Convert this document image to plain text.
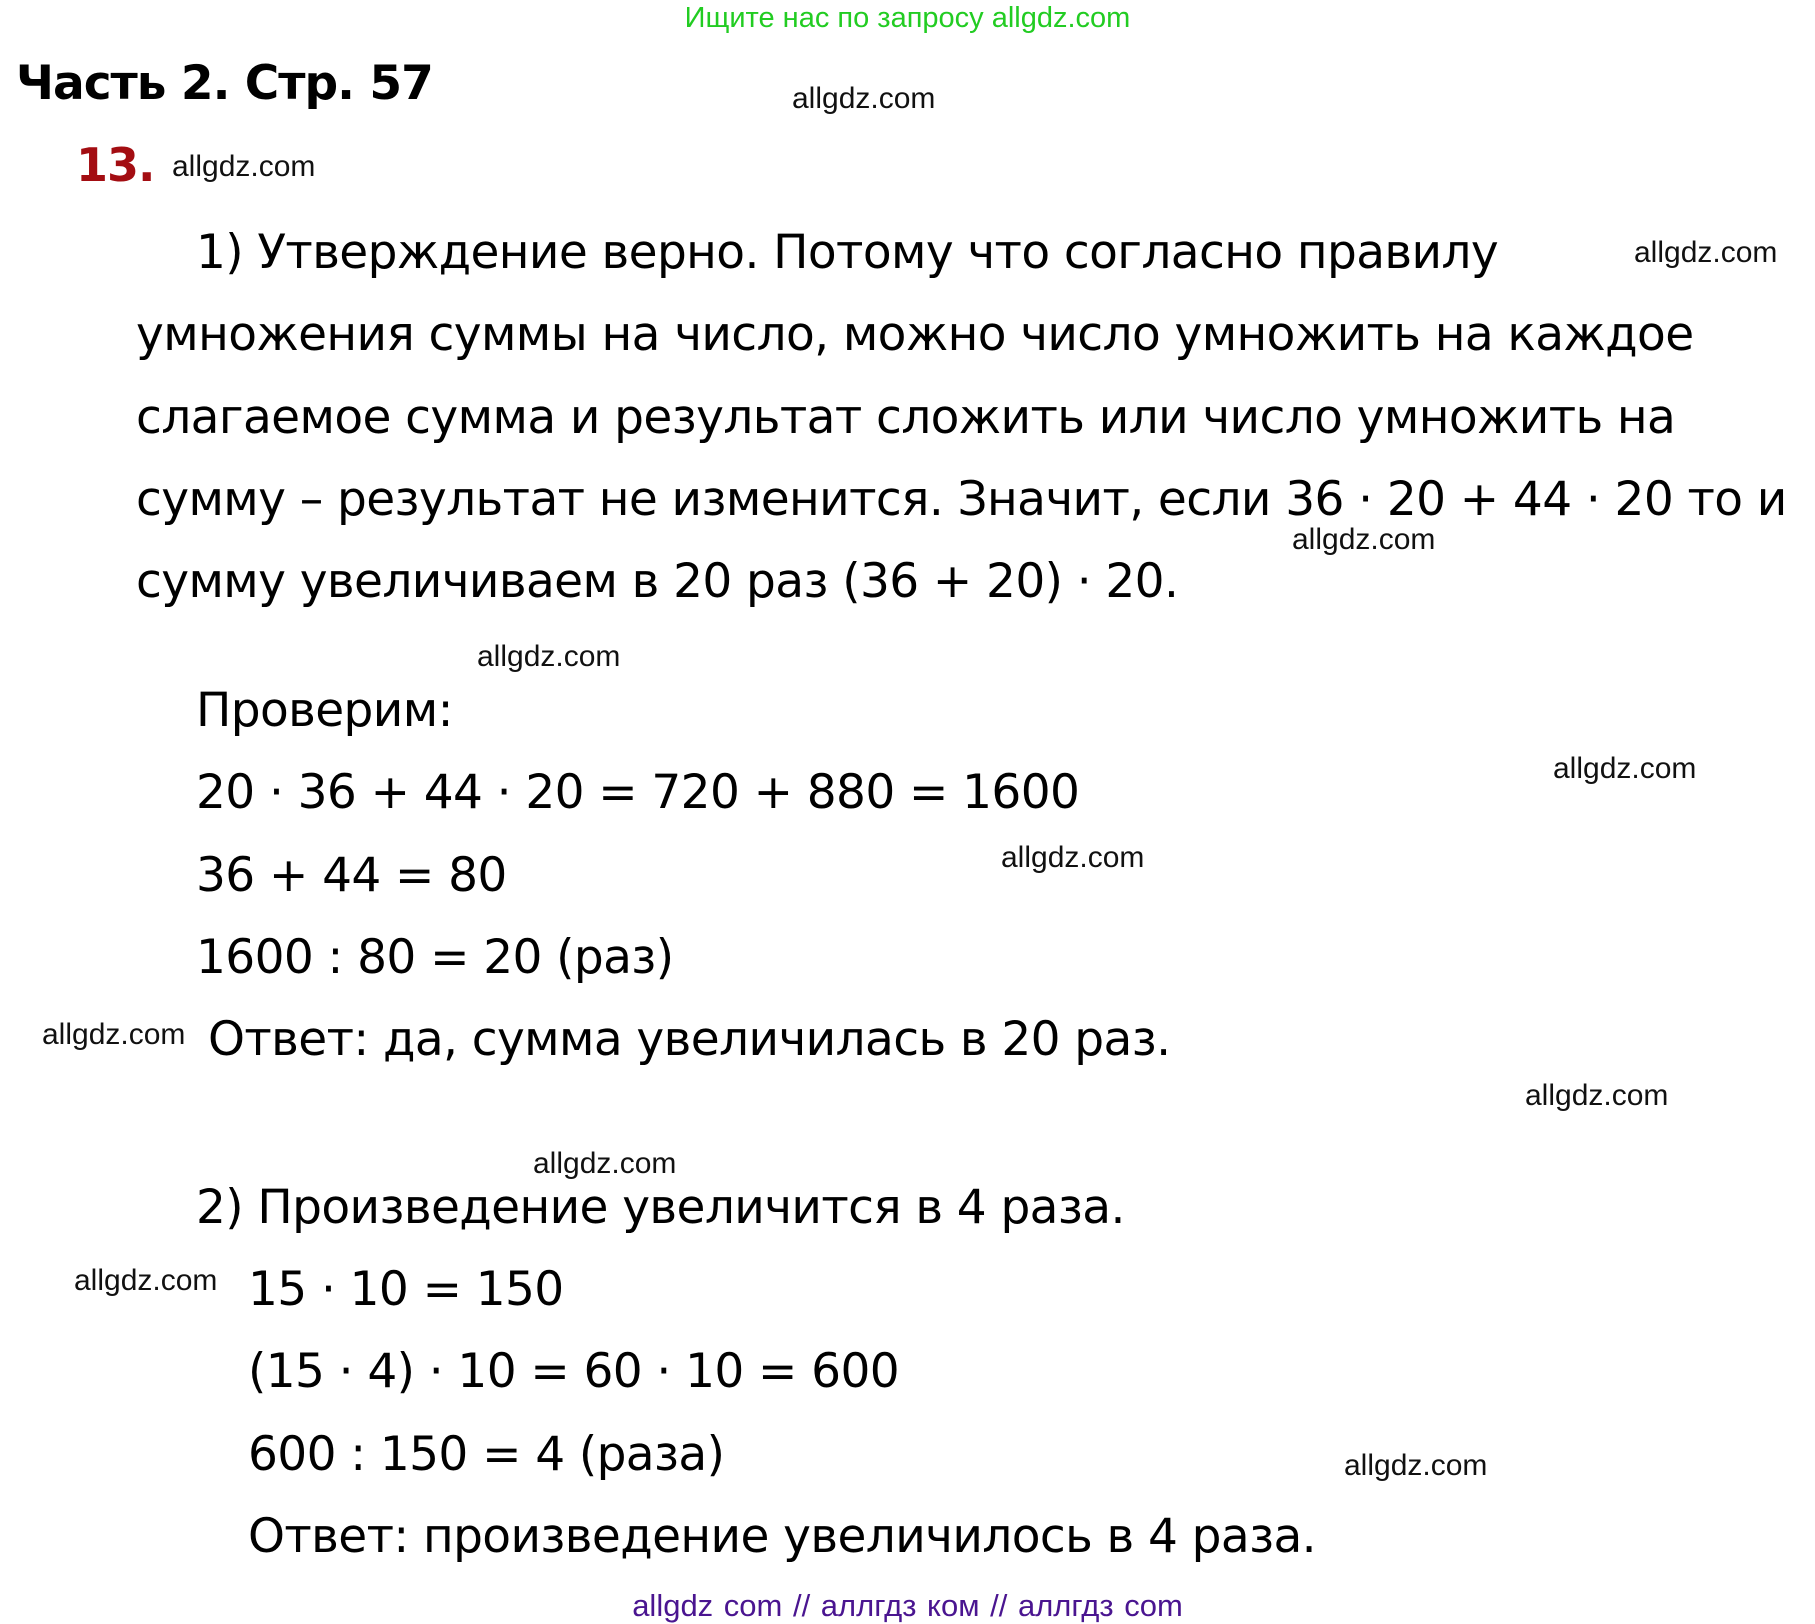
Ищите нас по запросу allgdz.com
Часть 2. Стр. 57	allgdz.com
13. allgdz.com
1) Утверждение верно. Потому что согласно правилу	allgdz.com
умножения суммы на число, можно число умножить на каждое
слагаемое сумма и результат сложить или число умножить на
сумму – результат не изменится. Значит, если 36 · 20 + 44 · 20 то и
allgdz.com
сумму увеличиваем в 20 раз (36 + 20) · 20.
allgdz.com
Проверим:
allgdz.com
20 · 36 + 44 · 20 = 720 + 880 = 1600
allgdz.com
36 + 44 = 80
1600 : 80 = 20 (раз)
allgdz.com Ответ: да, сумма увеличилась в 20 раз.
allgdz.com
allgdz.com
2) Произведение увеличится в 4 раза.
allgdz.com 15 · 10 = 150
(15 · 4) · 10 = 60 · 10 = 600
600 : 150 = 4 (раза)	allgdz.com
Ответ: произведение увеличилось в 4 раза.
allgdz com // аллгдз ком // аллгдз com
